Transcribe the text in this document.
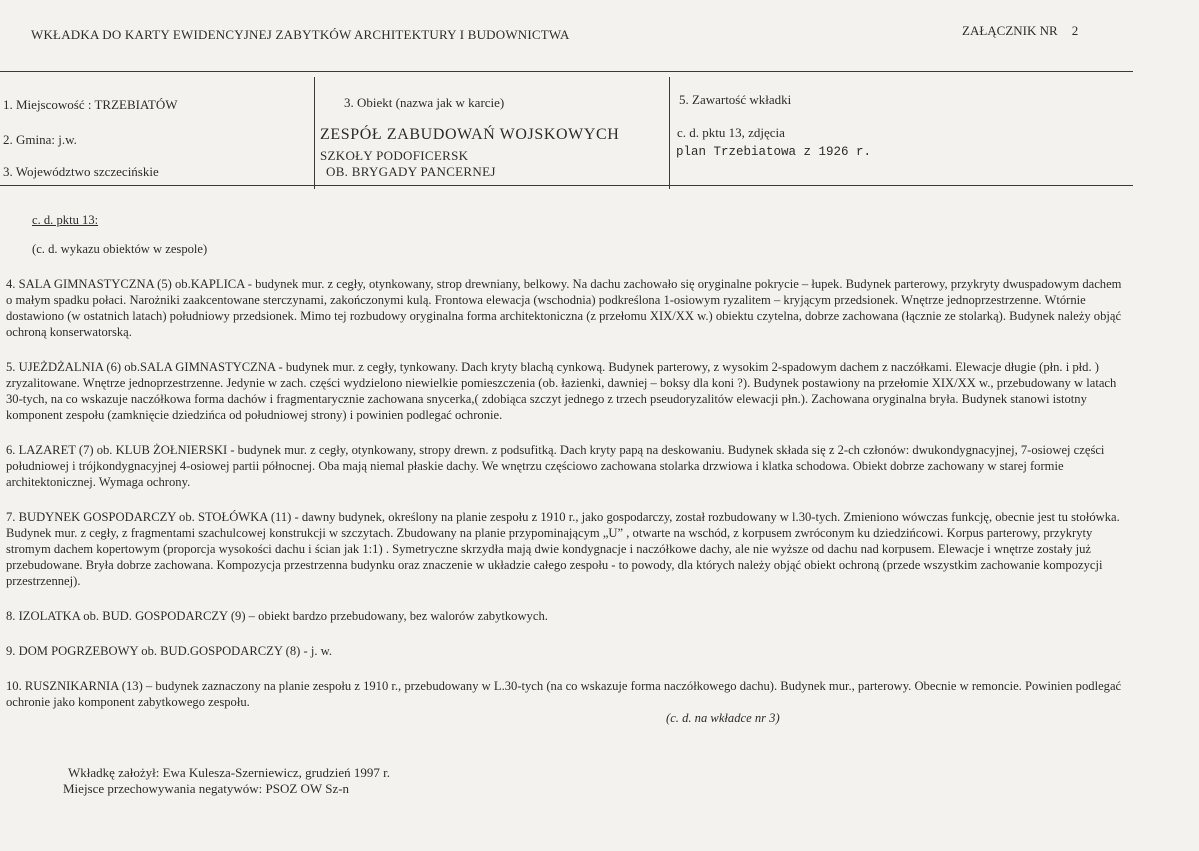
WKŁADKA DO KARTY EWIDENCYJNEJ ZABYTKÓW ARCHITEKTURY I BUDOWNICTWA	ZAŁĄCZNIK NR 2
1. Miejscowość : TRZEBIATÓW
2. Gmina: j.w.
3. Województwo szczecińskie
3. Obiekt (nazwa jak w karcie)
ZESPÓŁ ZABUDOWAŃ WOJSKOWYCH
SZKOŁY PODOFICERSK
OB. BRYGADY PANCERNEJ
5. Zawartość wkładki
c. d. pktu 13, zdjęcia
plan Trzebiatowa z 1926 r.

c. d. pktu 13:

(c. d. wykazu obiektów w zespole)

4. SALA GIMNASTYCZNA (5) ob.KAPLICA - budynek mur. z cegły, otynkowany, strop drewniany, belkowy. Na dachu zachowało się oryginalne pokrycie – łupek. Budynek parterowy, przykryty dwuspadowym dachem o małym spadku połaci. Narożniki zaakcentowane sterczynami, zakończonymi kulą. Frontowa elewacja (wschodnia) podkreślona 1-osiowym ryzalitem – kryjącym przedsionek. Wnętrze jednoprzestrzenne. Wtórnie dostawiono (w ostatnich latach) południowy przedsionek. Mimo tej rozbudowy oryginalna forma architektoniczna (z przełomu XIX/XX w.) obiektu czytelna, dobrze zachowana (łącznie ze stolarką). Budynek należy objąć ochroną konserwatorską.

5. UJEŻDŻALNIA (6) ob.SALA GIMNASTYCZNA - budynek mur. z cegły, tynkowany. Dach kryty blachą cynkową. Budynek parterowy, z wysokim 2-spadowym dachem z naczółkami. Elewacje długie (płn. i płd. ) zryzalitowane. Wnętrze jednoprzestrzenne. Jedynie w zach. części wydzielono niewielkie pomieszczenia (ob. łazienki, dawniej – boksy dla koni ?). Budynek postawiony na przełomie XIX/XX w., przebudowany w latach 30-tych, na co wskazuje naczółkowa forma dachów i fragmentarycznie zachowana snycerka,( zdobiąca szczyt jednego z trzech pseudoryzalitów elewacji płn.). Zachowana oryginalna bryła. Budynek stanowi istotny komponent zespołu (zamknięcie dziedzińca od południowej strony) i powinien podlegać ochronie.

6. LAZARET (7) ob. KLUB ŻOŁNIERSKI - budynek mur. z cegły, otynkowany, stropy drewn. z podsufitką. Dach kryty papą na deskowaniu. Budynek składa się z 2-ch członów: dwukondygnacyjnej, 7-osiowej części południowej i trójkondygnacyjnej 4-osiowej partii północnej. Oba mają niemal płaskie dachy. We wnętrzu częściowo zachowana stolarka drzwiowa i klatka schodowa. Obiekt dobrze zachowany w starej formie architektonicznej. Wymaga ochrony.

7. BUDYNEK GOSPODARCZY ob. STOŁÓWKA (11) - dawny budynek, określony na planie zespołu z 1910 r., jako gospodarczy, został rozbudowany w l.30-tych. Zmieniono wówczas funkcję, obecnie jest tu stołówka. Budynek mur. z cegły, z fragmentami szachulcowej konstrukcji w szczytach. Zbudowany na planie przypominającym „U” , otwarte na wschód, z korpusem zwróconym ku dziedzińcowi. Korpus parterowy, przykryty stromym dachem kopertowym (proporcja wysokości dachu i ścian jak 1:1) . Symetryczne skrzydła mają dwie kondygnacje i naczółkowe dachy, ale nie wyższe od dachu nad korpusem. Elewacje i wnętrze zostały już przebudowane. Bryła dobrze zachowana. Kompozycja przestrzenna budynku oraz znaczenie w układzie całego zespołu - to powody, dla których należy objąć obiekt ochroną (przede wszystkim zachowanie kompozycji przestrzennej).

8. IZOLATKA ob. BUD. GOSPODARCZY (9) – obiekt bardzo przebudowany, bez walorów zabytkowych.

9. DOM POGRZEBOWY ob. BUD.GOSPODARCZY (8) - j. w.

10. RUSZNIKARNIA (13) – budynek zaznaczony na planie zespołu z 1910 r., przebudowany w L.30-tych (na co wskazuje forma naczółkowego dachu). Budynek mur., parterowy. Obecnie w remoncie. Powinien podlegać ochronie jako komponent zabytkowego zespołu.

(c. d. na wkładce nr 3)

Wkładkę założył: Ewa Kulesza-Szerniewicz, grudzień 1997 r.
Miejsce przechowywania negatywów: PSOZ OW Sz-n
